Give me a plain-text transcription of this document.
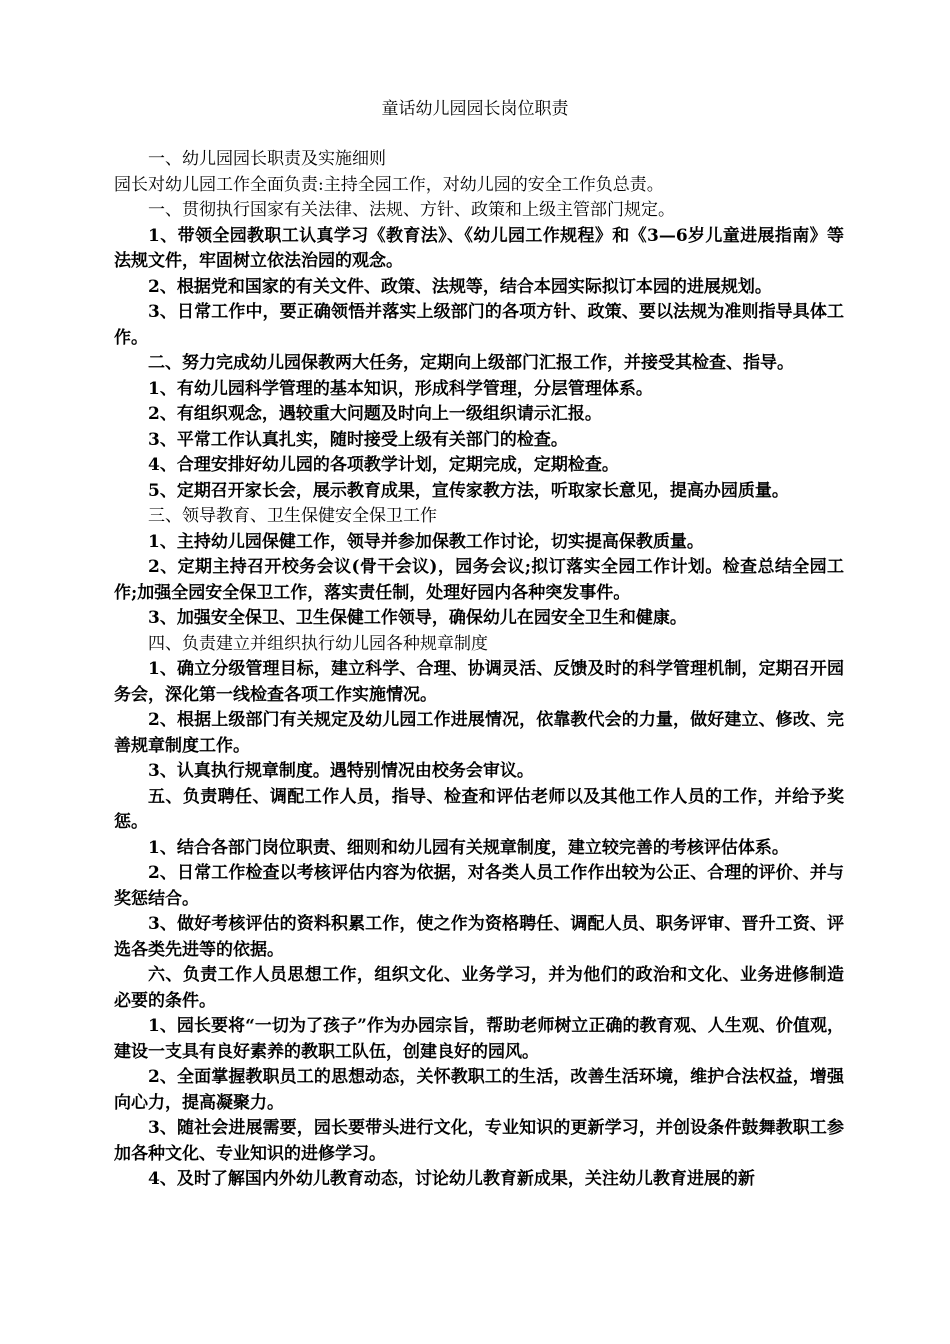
童话幼儿园园长岗位职责

一、幼儿园园长职责及实施细则

园长对幼儿园工作全面负责:主持全园工作，对幼儿园的安全工作负总责。

一、贯彻执行国家有关法律、法规、方针、政策和上级主管部门规定。

1、带领全园教职工认真学习《教育法》、《幼儿园工作规程》和《3—6岁儿童进展指南》等法规文件，牢固树立依法治园的观念。

2、根据党和国家的有关文件、政策、法规等，结合本园实际拟订本园的进展规划。

3、日常工作中，要正确领悟并落实上级部门的各项方针、政策、要以法规为准则指导具体工作。

二、努力完成幼儿园保教两大任务，定期向上级部门汇报工作，并接受其检查、指导。

1、有幼儿园科学管理的基本知识，形成科学管理，分层管理体系。

2、有组织观念，遇较重大问题及时向上一级组织请示汇报。

3、平常工作认真扎实，随时接受上级有关部门的检查。

4、合理安排好幼儿园的各项教学计划，定期完成，定期检查。

5、定期召开家长会，展示教育成果，宣传家教方法，听取家长意见，提高办园质量。

三、领导教育、卫生保健安全保卫工作

1、主持幼儿园保健工作，领导并参加保教工作讨论，切实提高保教质量。

2、定期主持召开校务会议(骨干会议)，园务会议;拟订落实全园工作计划。检查总结全园工作;加强全园安全保卫工作，落实责任制，处理好园内各种突发事件。

3、加强安全保卫、卫生保健工作领导，确保幼儿在园安全卫生和健康。

四、负责建立并组织执行幼儿园各种规章制度

1、确立分级管理目标，建立科学、合理、协调灵活、反馈及时的科学管理机制，定期召开园务会，深化第一线检查各项工作实施情况。

2、根据上级部门有关规定及幼儿园工作进展情况，依靠教代会的力量，做好建立、修改、完善规章制度工作。

3、认真执行规章制度。遇特别情况由校务会审议。

五、负责聘任、调配工作人员，指导、检查和评估老师以及其他工作人员的工作，并给予奖惩。

1、结合各部门岗位职责、细则和幼儿园有关规章制度，建立较完善的考核评估体系。

2、日常工作检查以考核评估内容为依据，对各类人员工作作出较为公正、合理的评价、并与奖惩结合。

3、做好考核评估的资料积累工作，使之作为资格聘任、调配人员、职务评审、晋升工资、评选各类先进等的依据。

六、负责工作人员思想工作，组织文化、业务学习，并为他们的政治和文化、业务进修制造必要的条件。

1、园长要将“一切为了孩子”作为办园宗旨，帮助老师树立正确的教育观、人生观、价值观，建设一支具有良好素养的教职工队伍，创建良好的园风。

2、全面掌握教职员工的思想动态，关怀教职工的生活，改善生活环境，维护合法权益，增强向心力，提高凝聚力。

3、随社会进展需要，园长要带头进行文化，专业知识的更新学习，并创设条件鼓舞教职工参加各种文化、专业知识的进修学习。

4、及时了解国内外幼儿教育动态，讨论幼儿教育新成果，关注幼儿教育进展的新
